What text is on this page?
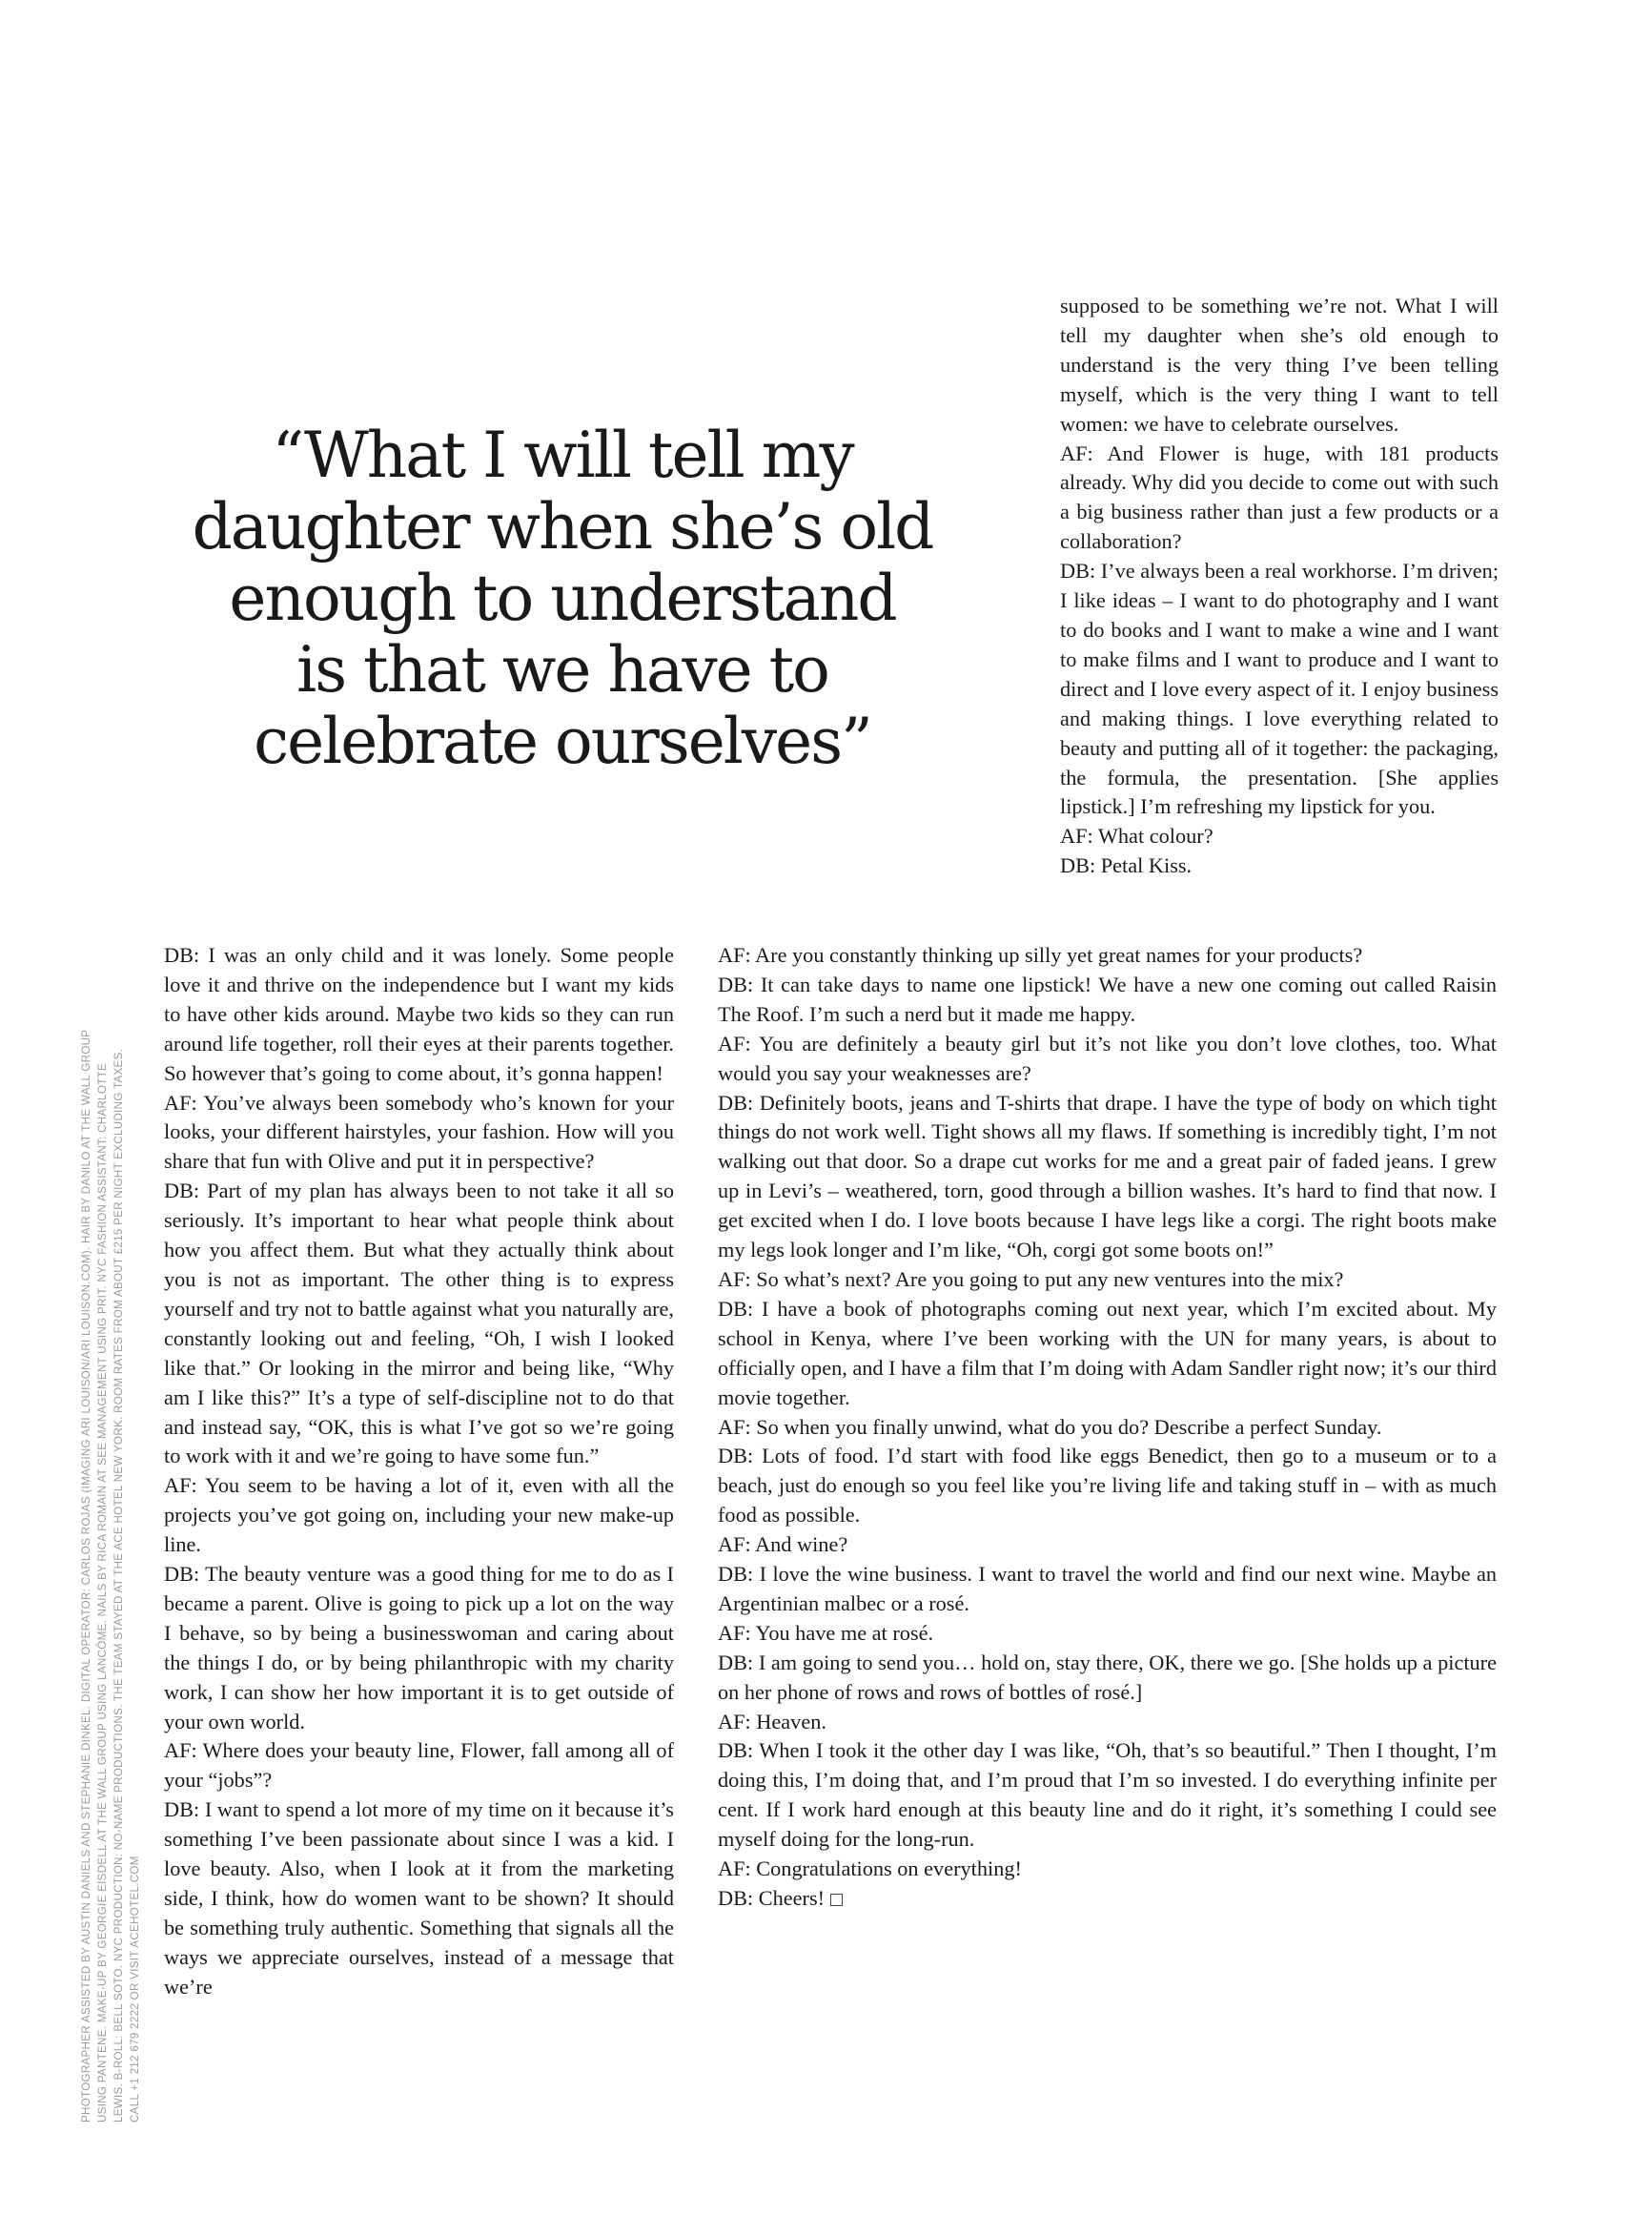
“What I will tell my
daughter when she’s old
enough to understand
is that we have to
celebrate ourselves”
PHOTOGRAPHER ASSISTED BY AUSTIN DANIELS AND STEPHANIE DINKEL. DIGITAL OPERATOR: CARLOS ROJAS (IMAGING ARI LOUISON/ARI LOUISON.COM). HAIR BY DANILO AT THE WALL GROUP USING PANTENE. MAKE-UP BY GEORGIE EISDELL AT THE WALL GROUP USING LANCÔME. NAILS BY RICA ROMAIN AT SEE MANAGEMENT USING PRIT. NYC FASHION ASSISTANT: CHARLOTTE LEWIS. B-ROLL: BELL SOTO. NYC PRODUCTION: NO-NAME PRODUCTIONS. THE TEAM STAYED AT THE ACE HOTEL NEW YORK. ROOM RATES FROM ABOUT £215 PER NIGHT EXCLUDING TAXES. CALL +1 212 679 2222 OR VISIT ACEHOTEL.COM

supposed to be something we’re not. What I will tell my daughter when she’s old enough to understand is the very thing I’ve been telling myself, which is the very thing I want to tell women: we have to celebrate ourselves.

AF: And Flower is huge, with 181 products already. Why did you decide to come out with such a big business rather than just a few products or a collaboration?

DB: I’ve always been a real workhorse. I’m driven; I like ideas – I want to do photography and I want to do books and I want to make a wine and I want to make films and I want to produce and I want to direct and I love every aspect of it. I enjoy business and making things. I love everything related to beauty and putting all of it together: the packaging, the formula, the presentation. [She applies lipstick.] I’m refreshing my lipstick for you.

AF: What colour?

DB: Petal Kiss.

DB: I was an only child and it was lonely. Some people love it and thrive on the independence but I want my kids to have other kids around. Maybe two kids so they can run around life together, roll their eyes at their parents together. So however that’s going to come about, it’s gonna happen!

AF: You’ve always been somebody who’s known for your looks, your different hairstyles, your fashion. How will you share that fun with Olive and put it in perspective?

DB: Part of my plan has always been to not take it all so seriously. It’s important to hear what people think about how you affect them. But what they actually think about you is not as important. The other thing is to express yourself and try not to battle against what you naturally are, constantly looking out and feeling, “Oh, I wish I looked like that.” Or looking in the mirror and being like, “Why am I like this?” It’s a type of self-discipline not to do that and instead say, “OK, this is what I’ve got so we’re going to work with it and we’re going to have some fun.”

AF: You seem to be having a lot of it, even with all the projects you’ve got going on, including your new make-up line.

DB: The beauty venture was a good thing for me to do as I became a parent. Olive is going to pick up a lot on the way I behave, so by being a businesswoman and caring about the things I do, or by being philanthropic with my charity work, I can show her how important it is to get outside of your own world.

AF: Where does your beauty line, Flower, fall among all of your “jobs”?

DB: I want to spend a lot more of my time on it because it’s something I’ve been passionate about since I was a kid. I love beauty. Also, when I look at it from the marketing side, I think, how do women want to be shown? It should be something truly authentic. Something that signals all the ways we appreciate ourselves, instead of a message that we’re

AF: Are you constantly thinking up silly yet great names for your products?

DB: It can take days to name one lipstick! We have a new one coming out called Raisin The Roof. I’m such a nerd but it made me happy.

AF: You are definitely a beauty girl but it’s not like you don’t love clothes, too. What would you say your weaknesses are?

DB: Definitely boots, jeans and T-shirts that drape. I have the type of body on which tight things do not work well. Tight shows all my flaws. If something is incredibly tight, I’m not walking out that door. So a drape cut works for me and a great pair of faded jeans. I grew up in Levi’s – weathered, torn, good through a billion washes. It’s hard to find that now. I get excited when I do. I love boots because I have legs like a corgi. The right boots make my legs look longer and I’m like, “Oh, corgi got some boots on!”

AF: So what’s next? Are you going to put any new ventures into the mix?

DB: I have a book of photographs coming out next year, which I’m excited about. My school in Kenya, where I’ve been working with the UN for many years, is about to officially open, and I have a film that I’m doing with Adam Sandler right now; it’s our third movie together.

AF: So when you finally unwind, what do you do? Describe a perfect Sunday.

DB: Lots of food. I’d start with food like eggs Benedict, then go to a museum or to a beach, just do enough so you feel like you’re living life and taking stuff in – with as much food as possible.

AF: And wine?

DB: I love the wine business. I want to travel the world and find our next wine. Maybe an Argentinian malbec or a rosé.

AF: You have me at rosé.

DB: I am going to send you… hold on, stay there, OK, there we go. [She holds up a picture on her phone of rows and rows of bottles of rosé.]

AF: Heaven.

DB: When I took it the other day I was like, “Oh, that’s so beautiful.” Then I thought, I’m doing this, I’m doing that, and I’m proud that I’m so invested. I do everything infinite per cent. If I work hard enough at this beauty line and do it right, it’s something I could see myself doing for the long-run.

AF: Congratulations on everything!

DB: Cheers!
